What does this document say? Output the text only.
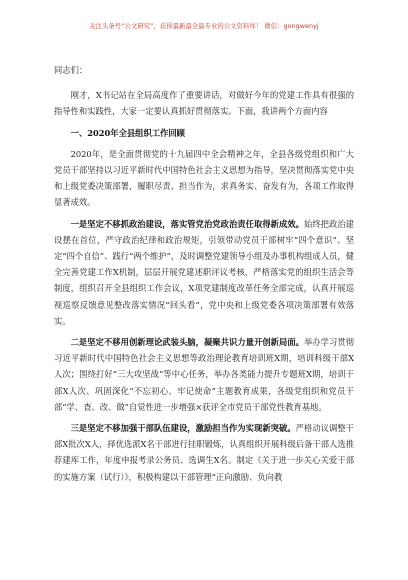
关注头条号“公文研究”，获得最新最全最专业的公文资料库！ 微信：gongwenyj

同志们：

刚才，X书记站在全局高度作了重要讲话，对做好今年的党建工作具有很强的指导性和实践性，大家一定要认真抓好贯彻落实。下面，我讲两个方面内容

一、2020年全县组织工作回顾

2020年，是全面贯彻党的十九届四中全会精神之年，全县各级党组织和广大党员干部坚持以习近平新时代中国特色社会主义思想为指导，坚决贯彻落实党中央和上级党委决策部署，履职尽责、担当作为，求真务实、奋发有为，各项工作取得显著成效。

一是坚定不移抓政治建设，落实管党治党政治责任取得新成效。始终把政治建设摆在首位，严守政治纪律和政治规矩，引领带动党员干部树牢“四个意识”、坚定“四个自信”、践行“两个维护”，及时调整党建领导小组及办事机构组成人员，健全完善党建工作X机制，层层开展党建述职评议考核，严格落实党的组织生活会等制度，组织召开全县组织工作会议，X项党建制度改革任务全部完成，认真开展巡视巡察反馈意见整改落实情况“回头看”，党中央和上级党委各项决策部署有效落实。

二是坚定不移用创新理论武装头脑，凝聚共识力量开创新局面。举办学习贯彻习近平新时代中国特色社会主义思想等政治理论教育培训班X期，培训科级干部X人次；围绕打好“三大攻坚战”等中心任务，举办各类能力提升专题班X期，培训干部X人次、巩固深化“不忘初心、牢记使命”主题教育成果，各级党组织和党员干部“学、查、改、做”自觉性进一步增强×获评全市党员干部党性教育基地。

三是坚定不移加强干部队伍建设，激励担当作为实现新突破。严格动议调整干部X批次X人，择优选派X名干部进行挂职锻炼，认真组织开展科级后备干部人选推荐建库工作，年度申报考录公务员、选调生X名。制定《关于进一步关心关爱干部的实施方案（试行）》，积极构建以干部管理“正向激励、负向教
